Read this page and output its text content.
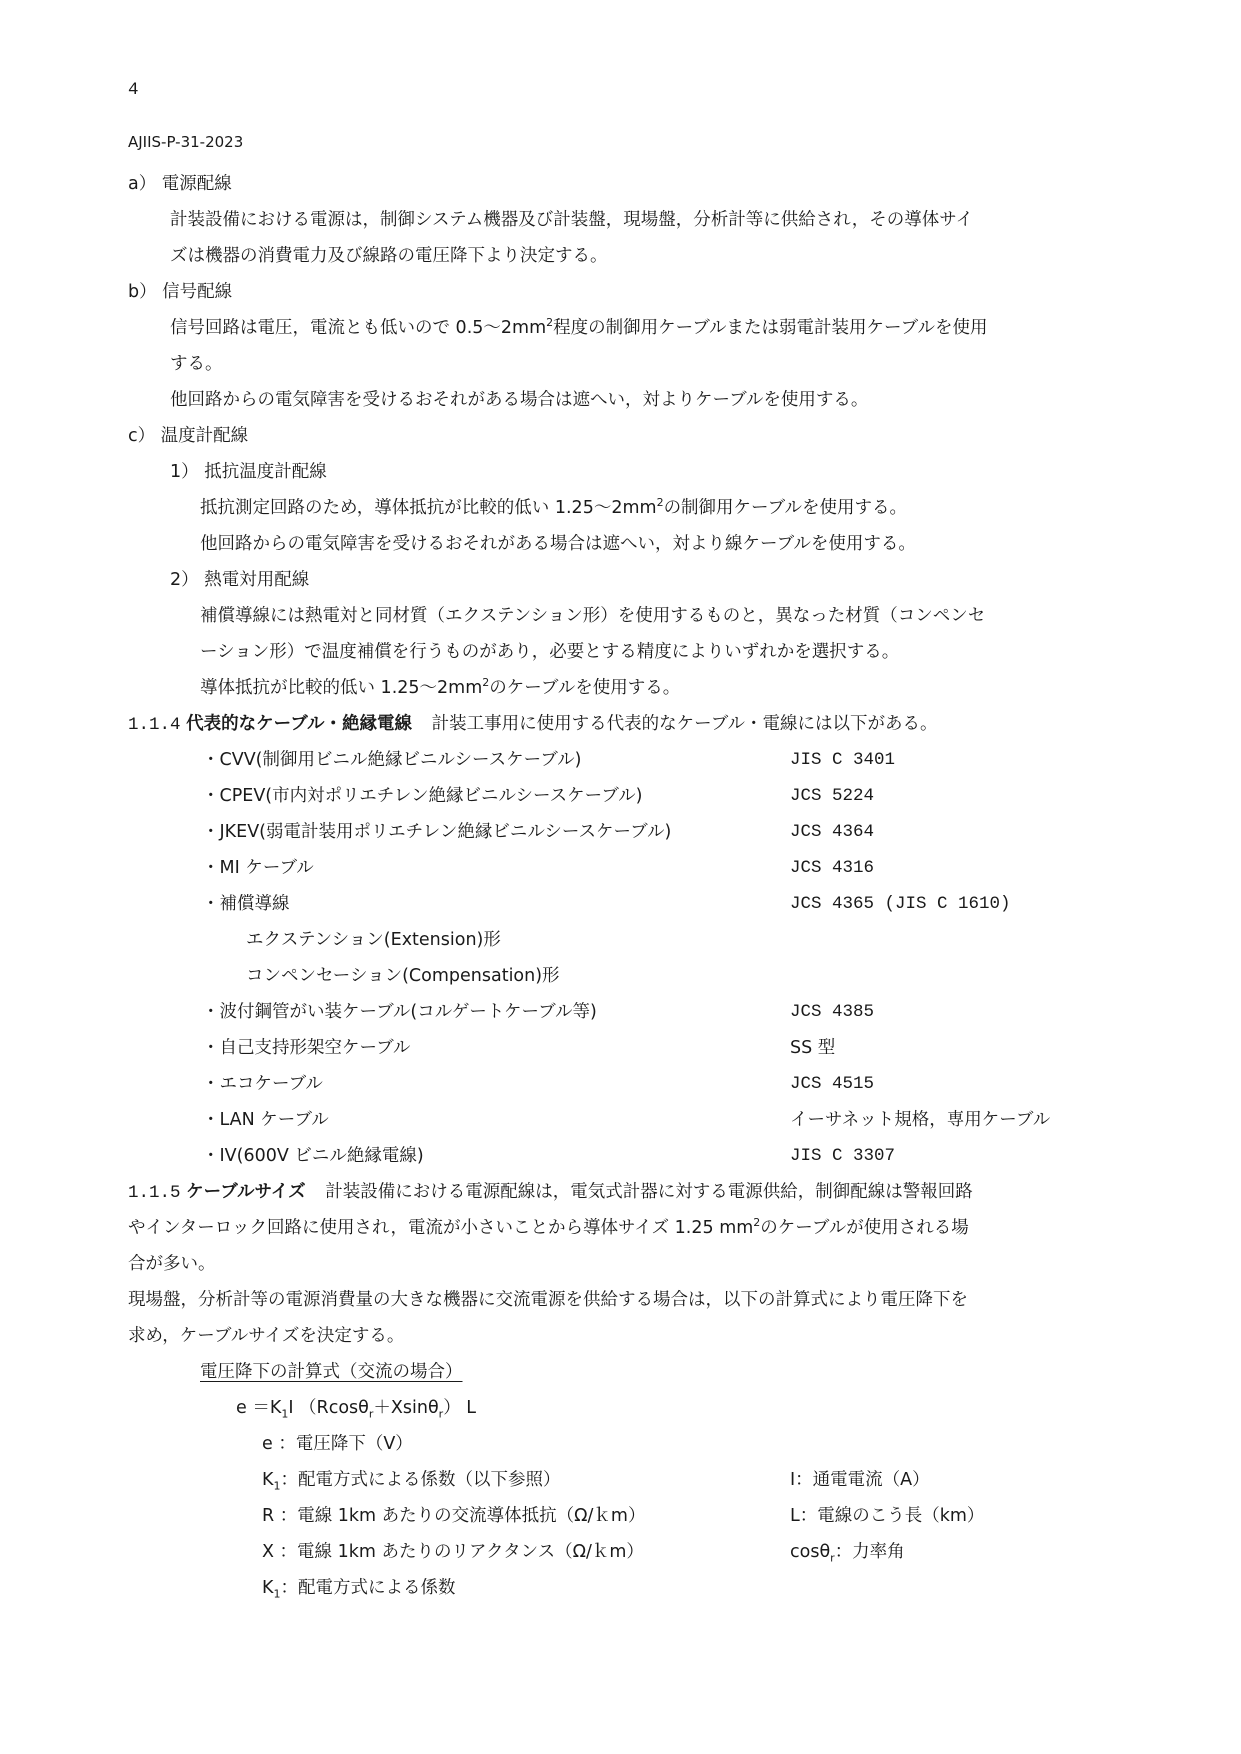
4
AJIIS-P-31-2023
a） 電源配線
計装設備における電源は，制御システム機器及び計装盤，現場盤，分析計等に供給され，その導体サイ
ズは機器の消費電力及び線路の電圧降下より決定する。
b） 信号配線
信号回路は電圧，電流とも低いので $0.5\sim 2mm^2$程度の制御用ケーブルまたは弱電計装用ケーブルを使用
する。
他回路からの電気障害を受けるおそれがある場合は遮へい，対よりケーブルを使用する。
c） 温度計配線
1） 抵抗温度計配線
抵抗測定回路のため，導体抵抗が比較的低い $1.25\sim 2mm^2$の制御用ケーブルを使用する。
他回路からの電気障害を受けるおそれがある場合は遮へい，対より線ケーブルを使用する。
2） 熱電対用配線
補償導線には熱電対と同材質（エクステンション形）を使用するものと，異なった材質（コンペンセ
ーション形）で温度補償を行うものがあり，必要とする精度によりいずれかを選択する。
導体抵抗が比較的低い $1.25\sim 2mm^2$のケーブルを使用する。
1.1.4 代表的なケーブル・絶縁電線 計装工事用に使用する代表的なケーブル・電線には以下がある。
・CVV(制御用ビニル絶縁ビニルシースケーブル)	JIS C 3401
・CPEV(市内対ポリエチレン絶縁ビニルシースケーブル)	JCS 5224
・JKEV(弱電計装用ポリエチレン絶縁ビニルシースケーブル)	JCS 4364
・MI ケーブル	JCS 4316
・補償導線	JCS 4365 (JIS C 1610)
エクステンション(Extension)形
コンペンセーション(Compensation)形
・波付鋼管がい装ケーブル(コルゲートケーブル等)	JCS 4385
・自己支持形架空ケーブル	SS 型
・エコケーブル	JCS 4515
・LAN ケーブル	イーサネット規格，専用ケーブル
・IV(600V ビニル絶縁電線)	JIS C 3307
1.1.5 ケーブルサイズ 計装設備における電源配線は，電気式計器に対する電源供給，制御配線は警報回路
やインターロック回路に使用され，電流が小さいことから導体サイズ 1.25 $mm^2$のケーブルが使用される場
合が多い。
現場盤，分析計等の電源消費量の大きな機器に交流電源を供給する場合は，以下の計算式により電圧降下を
求め，ケーブルサイズを決定する。
電圧降下の計算式（交流の場合）
$e =K_1I$ （Rcosθ$_r$＋Xsinθ$_r$） L
e ：電圧降下（V）
$K_1$：配電方式による係数（以下参照）	I：通電電流（A）
R ：電線 1km あたりの交流導体抵抗（Ω/ｋm）	L：電線のこう長（km）
X ：電線 1km あたりのリアクタンス（Ω/ｋm）	cosθ$_r$：力率角
$K_1$：配電方式による係数
